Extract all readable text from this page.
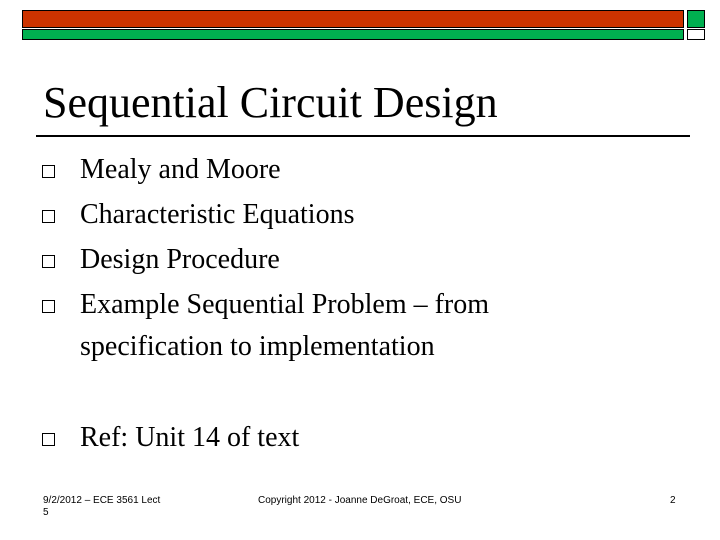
Sequential Circuit Design
Mealy and Moore
Characteristic Equations
Design Procedure
Example Sequential Problem – from
specification to implementation
Ref: Unit 14 of text
9/2/2012 – ECE 3561 Lect
5
Copyright 2012 - Joanne DeGroat, ECE, OSU	2
